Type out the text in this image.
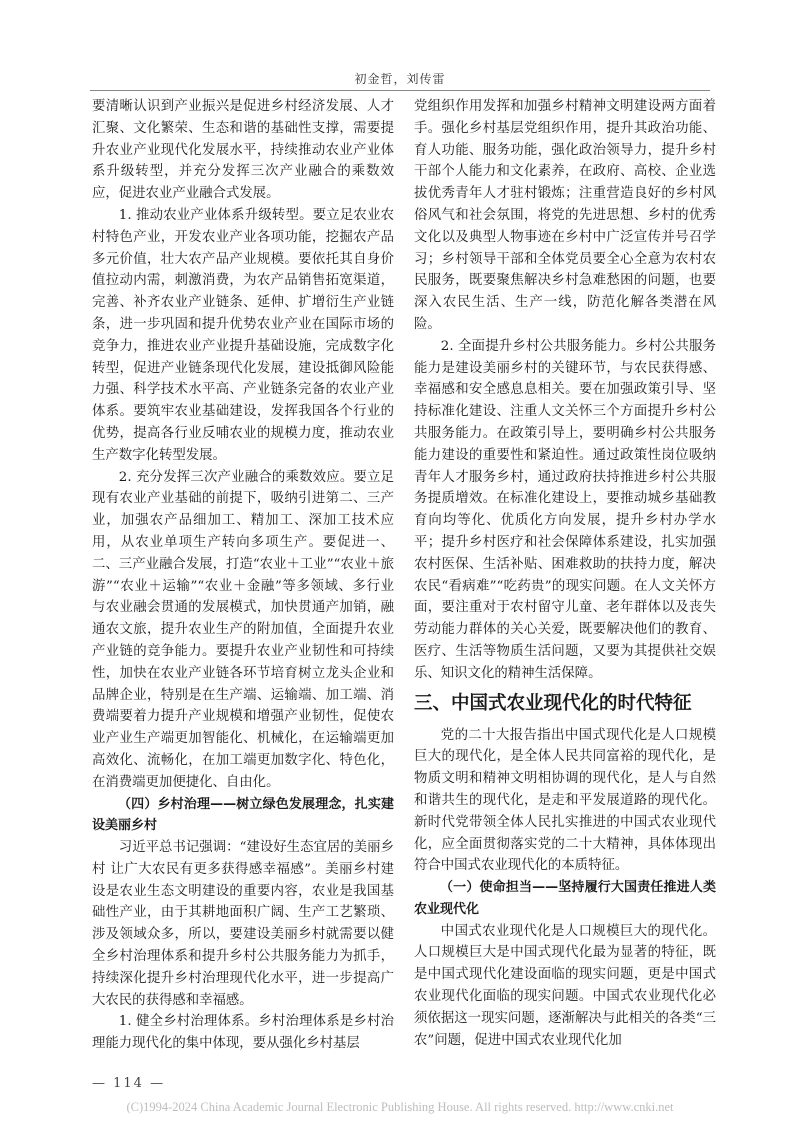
初金哲，刘传雷

要清晰认识到产业振兴是促进乡村经济发展、人才汇聚、文化繁荣、生态和谐的基础性支撑，需要提升农业产业现代化发展水平，持续推动农业产业体系升级转型，并充分发挥三次产业融合的乘数效应，促进农业产业融合式发展。

1. 推动农业产业体系升级转型。要立足农业农村特色产业，开发农业产业各项功能，挖掘农产品多元价值，壮大农产品产业规模。要依托其自身价值拉动内需，刺激消费，为农产品销售拓宽渠道，完善、补齐农业产业链条、延伸、扩增衍生产业链条，进一步巩固和提升优势农业产业在国际市场的竞争力，推进农业产业提升基础设施，完成数字化转型，促进产业链条现代化发展，建设抵御风险能力强、科学技术水平高、产业链条完备的农业产业体系。要筑牢农业基础建设，发挥我国各个行业的优势，提高各行业反哺农业的规模力度，推动农业生产数字化转型发展。

2. 充分发挥三次产业融合的乘数效应。要立足现有农业产业基础的前提下，吸纳引进第二、三产业，加强农产品细加工、精加工、深加工技术应用，从农业单项生产转向多项生产。要促进一、二、三产业融合发展，打造“农业＋工业”“农业＋旅游”“农业＋运输”“农业＋金融”等多领域、多行业与农业融会贯通的发展模式，加快贯通产加销，融通农文旅，提升农业生产的附加值，全面提升农业产业链的竞争能力。要提升农业产业韧性和可持续性，加快在农业产业链各环节培育树立龙头企业和品牌企业，特别是在生产端、运输端、加工端、消费端要着力提升产业规模和增强产业韧性，促使农业产业生产端更加智能化、机械化，在运输端更加高效化、流畅化，在加工端更加数字化、特色化，在消费端更加便捷化、自由化。

（四）乡村治理——树立绿色发展理念，扎实建设美丽乡村

习近平总书记强调：“建设好生态宜居的美丽乡村 让广大农民有更多获得感幸福感”。美丽乡村建设是农业生态文明建设的重要内容，农业是我国基础性产业，由于其耕地面积广阔、生产工艺繁琐、涉及领域众多，所以，要建设美丽乡村就需要以健全乡村治理体系和提升乡村公共服务能力为抓手，持续深化提升乡村治理现代化水平，进一步提高广大农民的获得感和幸福感。

1. 健全乡村治理体系。乡村治理体系是乡村治理能力现代化的集中体现，要从强化乡村基层

党组织作用发挥和加强乡村精神文明建设两方面着手。强化乡村基层党组织作用，提升其政治功能、育人功能、服务功能，强化政治领导力，提升乡村干部个人能力和文化素养，在政府、高校、企业选拔优秀青年人才驻村锻炼；注重营造良好的乡村风俗风气和社会氛围，将党的先进思想、乡村的优秀文化以及典型人物事迹在乡村中广泛宣传并号召学习；乡村领导干部和全体党员要全心全意为农村农民服务，既要聚焦解决乡村急难愁困的问题，也要深入农民生活、生产一线，防范化解各类潜在风险。

2. 全面提升乡村公共服务能力。乡村公共服务能力是建设美丽乡村的关键环节，与农民获得感、幸福感和安全感息息相关。要在加强政策引导、坚持标准化建设、注重人文关怀三个方面提升乡村公共服务能力。在政策引导上，要明确乡村公共服务能力建设的重要性和紧迫性。通过政策性岗位吸纳青年人才服务乡村，通过政府扶持推进乡村公共服务提质增效。在标准化建设上，要推动城乡基础教育向均等化、优质化方向发展，提升乡村办学水平；提升乡村医疗和社会保障体系建设，扎实加强农村医保、生活补贴、困难救助的扶持力度，解决农民“看病难”“吃药贵”的现实问题。在人文关怀方面，要注重对于农村留守儿童、老年群体以及丧失劳动能力群体的关心关爱，既要解决他们的教育、医疗、生活等物质生活问题，又要为其提供社交娱乐、知识文化的精神生活保障。

三、中国式农业现代化的时代特征

党的二十大报告指出中国式现代化是人口规模巨大的现代化，是全体人民共同富裕的现代化，是物质文明和精神文明相协调的现代化，是人与自然和谐共生的现代化，是走和平发展道路的现代化。新时代党带领全体人民扎实推进的中国式农业现代化，应全面贯彻落实党的二十大精神，具体体现出符合中国式农业现代化的本质特征。

（一）使命担当——坚持履行大国责任推进人类农业现代化

中国式农业现代化是人口规模巨大的现代化。人口规模巨大是中国式现代化最为显著的特征，既是中国式现代化建设面临的现实问题，更是中国式农业现代化面临的现实问题。中国式农业现代化必须依据这一现实问题，逐渐解决与此相关的各类“三农”问题，促进中国式农业现代化加

— 114 —
(C)1994-2024 China Academic Journal Electronic Publishing House. All rights reserved. http://www.cnki.net
